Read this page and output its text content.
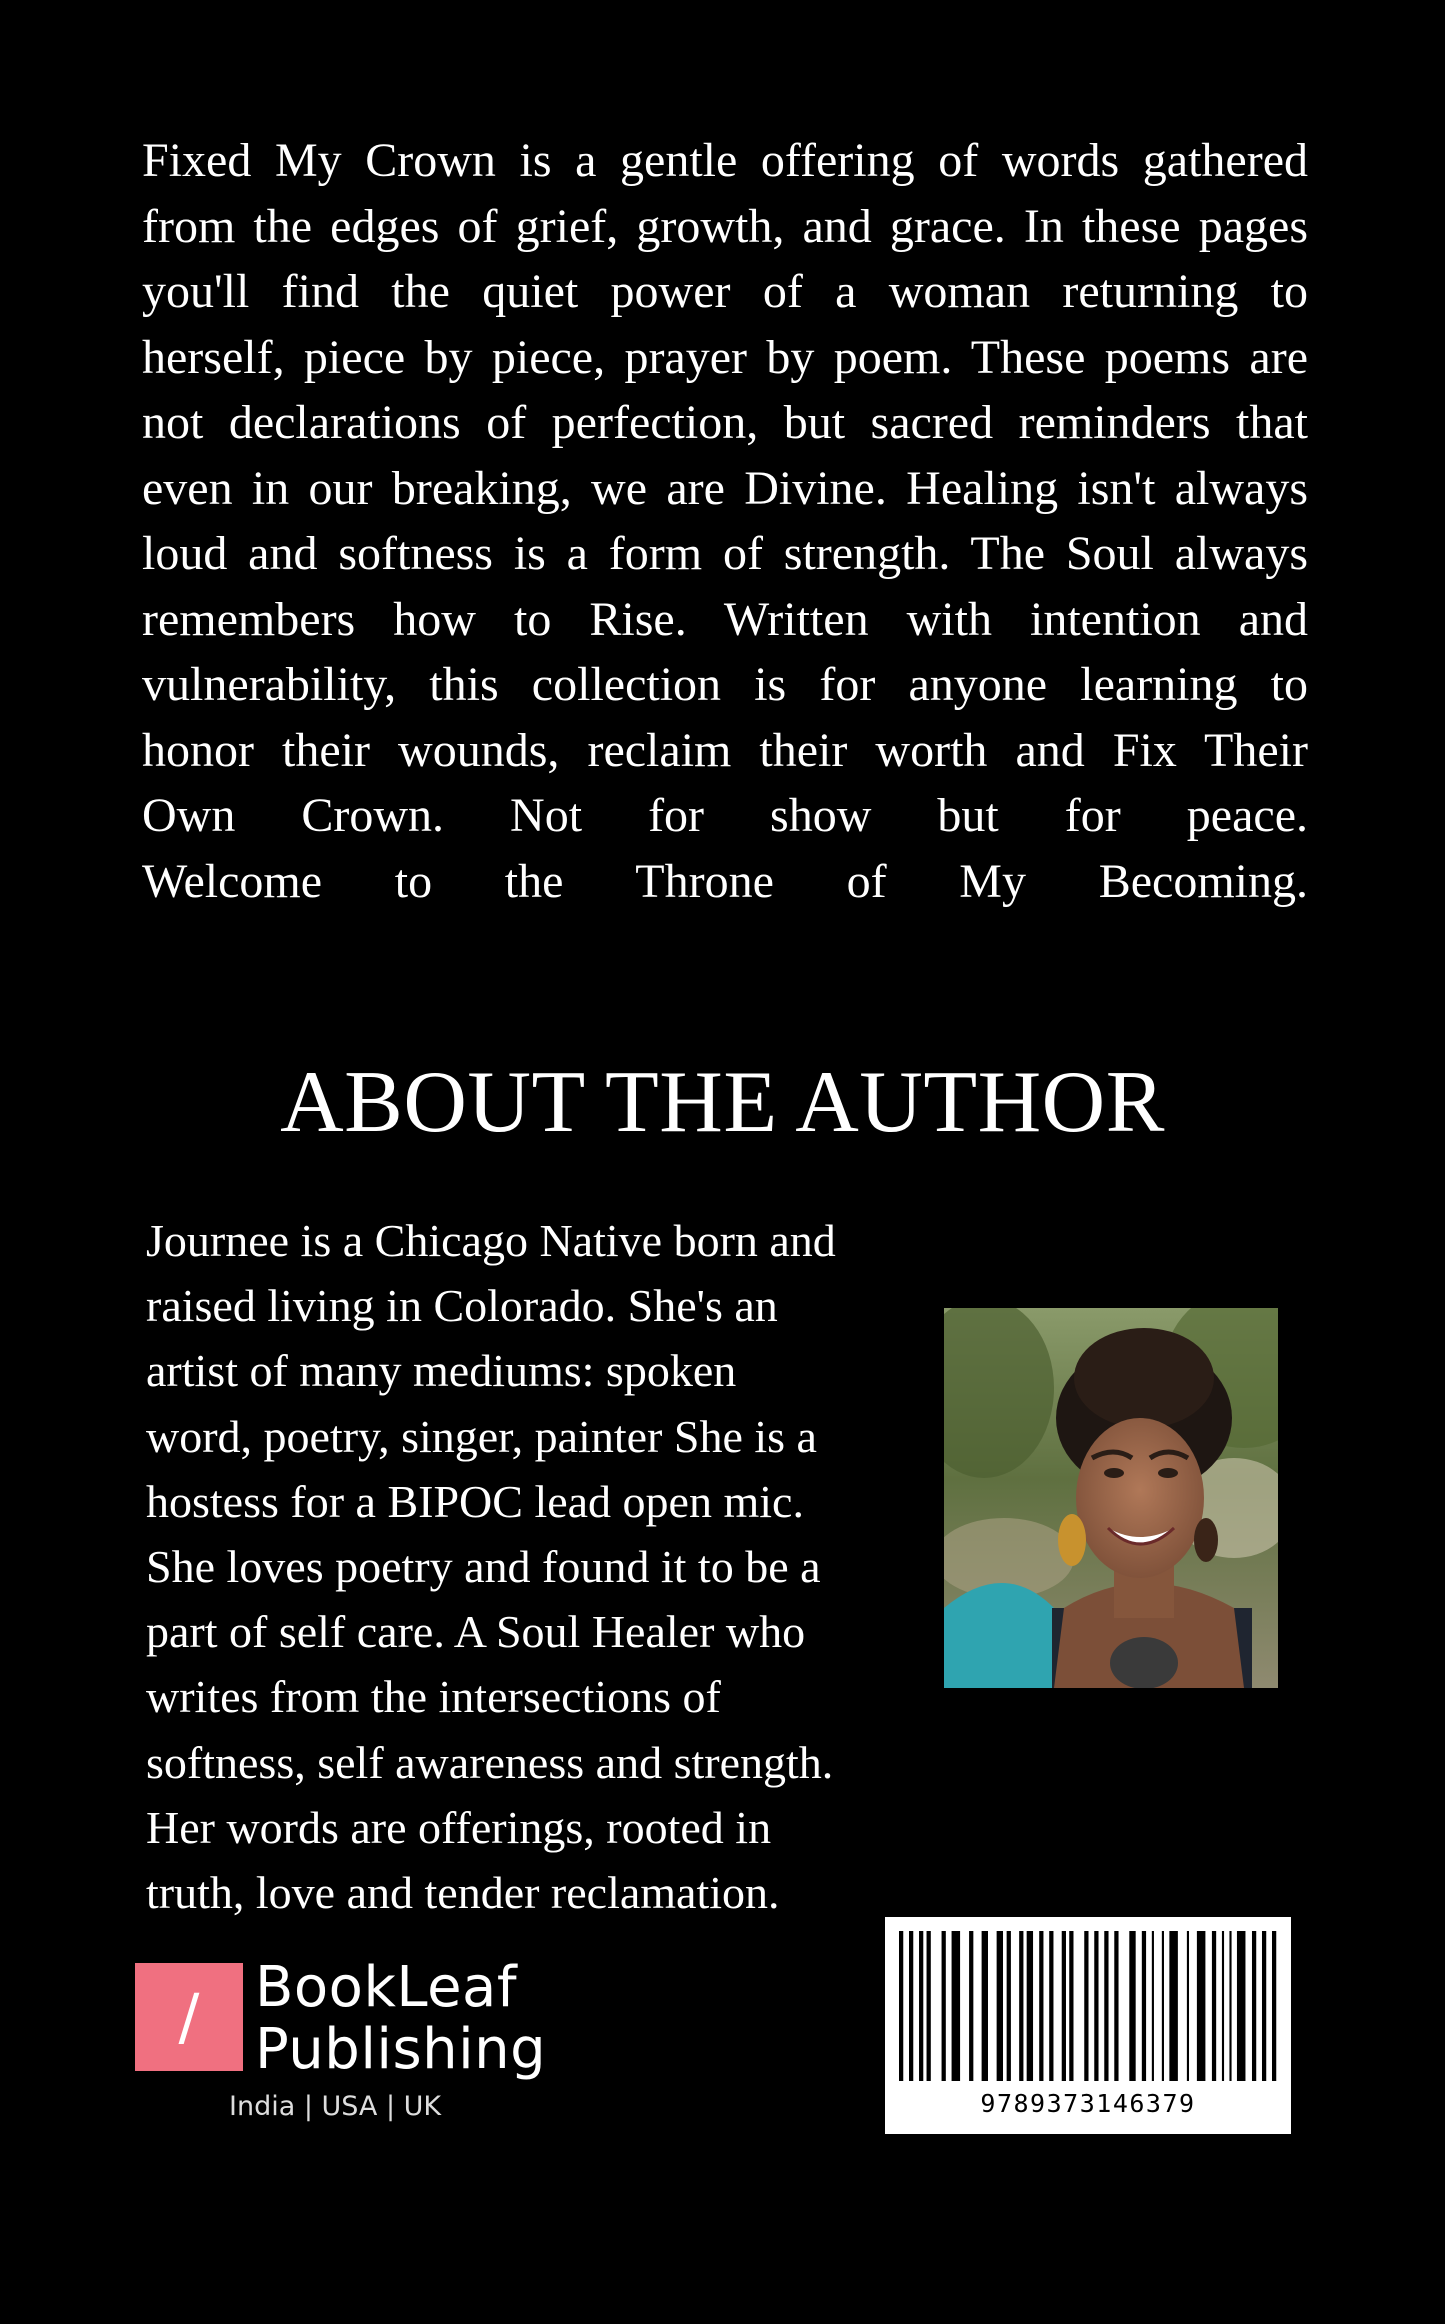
Fixed My Crown is a gentle offering of words gathered
from the edges of grief, growth, and grace. In these pages
you'll find the quiet power of a woman returning to
herself, piece by piece, prayer by poem. These poems are
not declarations of perfection, but sacred reminders that
even in our breaking, we are Divine. Healing isn't always
loud and softness is a form of strength. The Soul always
remembers how to Rise. Written with intention and
vulnerability, this collection is for anyone learning to
honor their wounds, reclaim their worth and Fix Their
Own Crown. Not for show but for peace.
Welcome to the Throne of My Becoming.
ABOUT THE AUTHOR
Journee is a Chicago Native born and
raised living in Colorado. She's an
artist of many mediums: spoken
word, poetry, singer, painter She is a
hostess for a BIPOC lead open mic.
She loves poetry and found it to be a
part of self care. A Soul Healer who
writes from the intersections of
softness, self awareness and strength.
Her words are offerings, rooted in
truth, love and tender reclamation.
/ BookLeaf
Publishing
India | USA | UK	9789373146379
